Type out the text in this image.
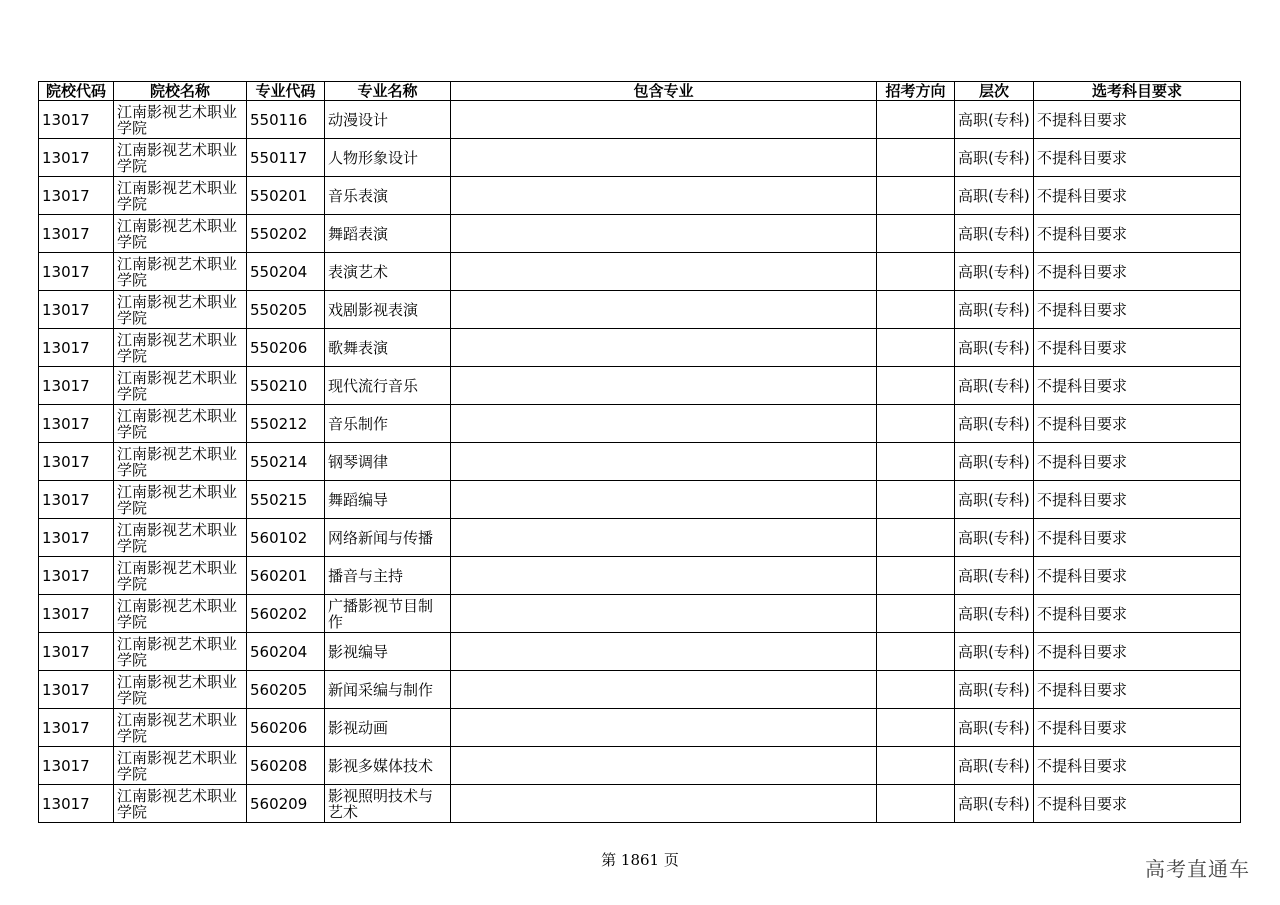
院校代码	院校名称	专业代码	专业名称	包含专业	招考方向	层次	选考科目要求
13017	江南影视艺术职业学院	550116	动漫设计			高职(专科)	不提科目要求
13017	江南影视艺术职业学院	550117	人物形象设计			高职(专科)	不提科目要求
13017	江南影视艺术职业学院	550201	音乐表演			高职(专科)	不提科目要求
13017	江南影视艺术职业学院	550202	舞蹈表演			高职(专科)	不提科目要求
13017	江南影视艺术职业学院	550204	表演艺术			高职(专科)	不提科目要求
13017	江南影视艺术职业学院	550205	戏剧影视表演			高职(专科)	不提科目要求
13017	江南影视艺术职业学院	550206	歌舞表演			高职(专科)	不提科目要求
13017	江南影视艺术职业学院	550210	现代流行音乐			高职(专科)	不提科目要求
13017	江南影视艺术职业学院	550212	音乐制作			高职(专科)	不提科目要求
13017	江南影视艺术职业学院	550214	钢琴调律			高职(专科)	不提科目要求
13017	江南影视艺术职业学院	550215	舞蹈编导			高职(专科)	不提科目要求
13017	江南影视艺术职业学院	560102	网络新闻与传播			高职(专科)	不提科目要求
13017	江南影视艺术职业学院	560201	播音与主持			高职(专科)	不提科目要求
13017	江南影视艺术职业学院	560202	广播影视节目制作			高职(专科)	不提科目要求
13017	江南影视艺术职业学院	560204	影视编导			高职(专科)	不提科目要求
13017	江南影视艺术职业学院	560205	新闻采编与制作			高职(专科)	不提科目要求
13017	江南影视艺术职业学院	560206	影视动画			高职(专科)	不提科目要求
13017	江南影视艺术职业学院	560208	影视多媒体技术			高职(专科)	不提科目要求
13017	江南影视艺术职业学院	560209	影视照明技术与艺术			高职(专科)	不提科目要求
第 1861 页	高考直通车
